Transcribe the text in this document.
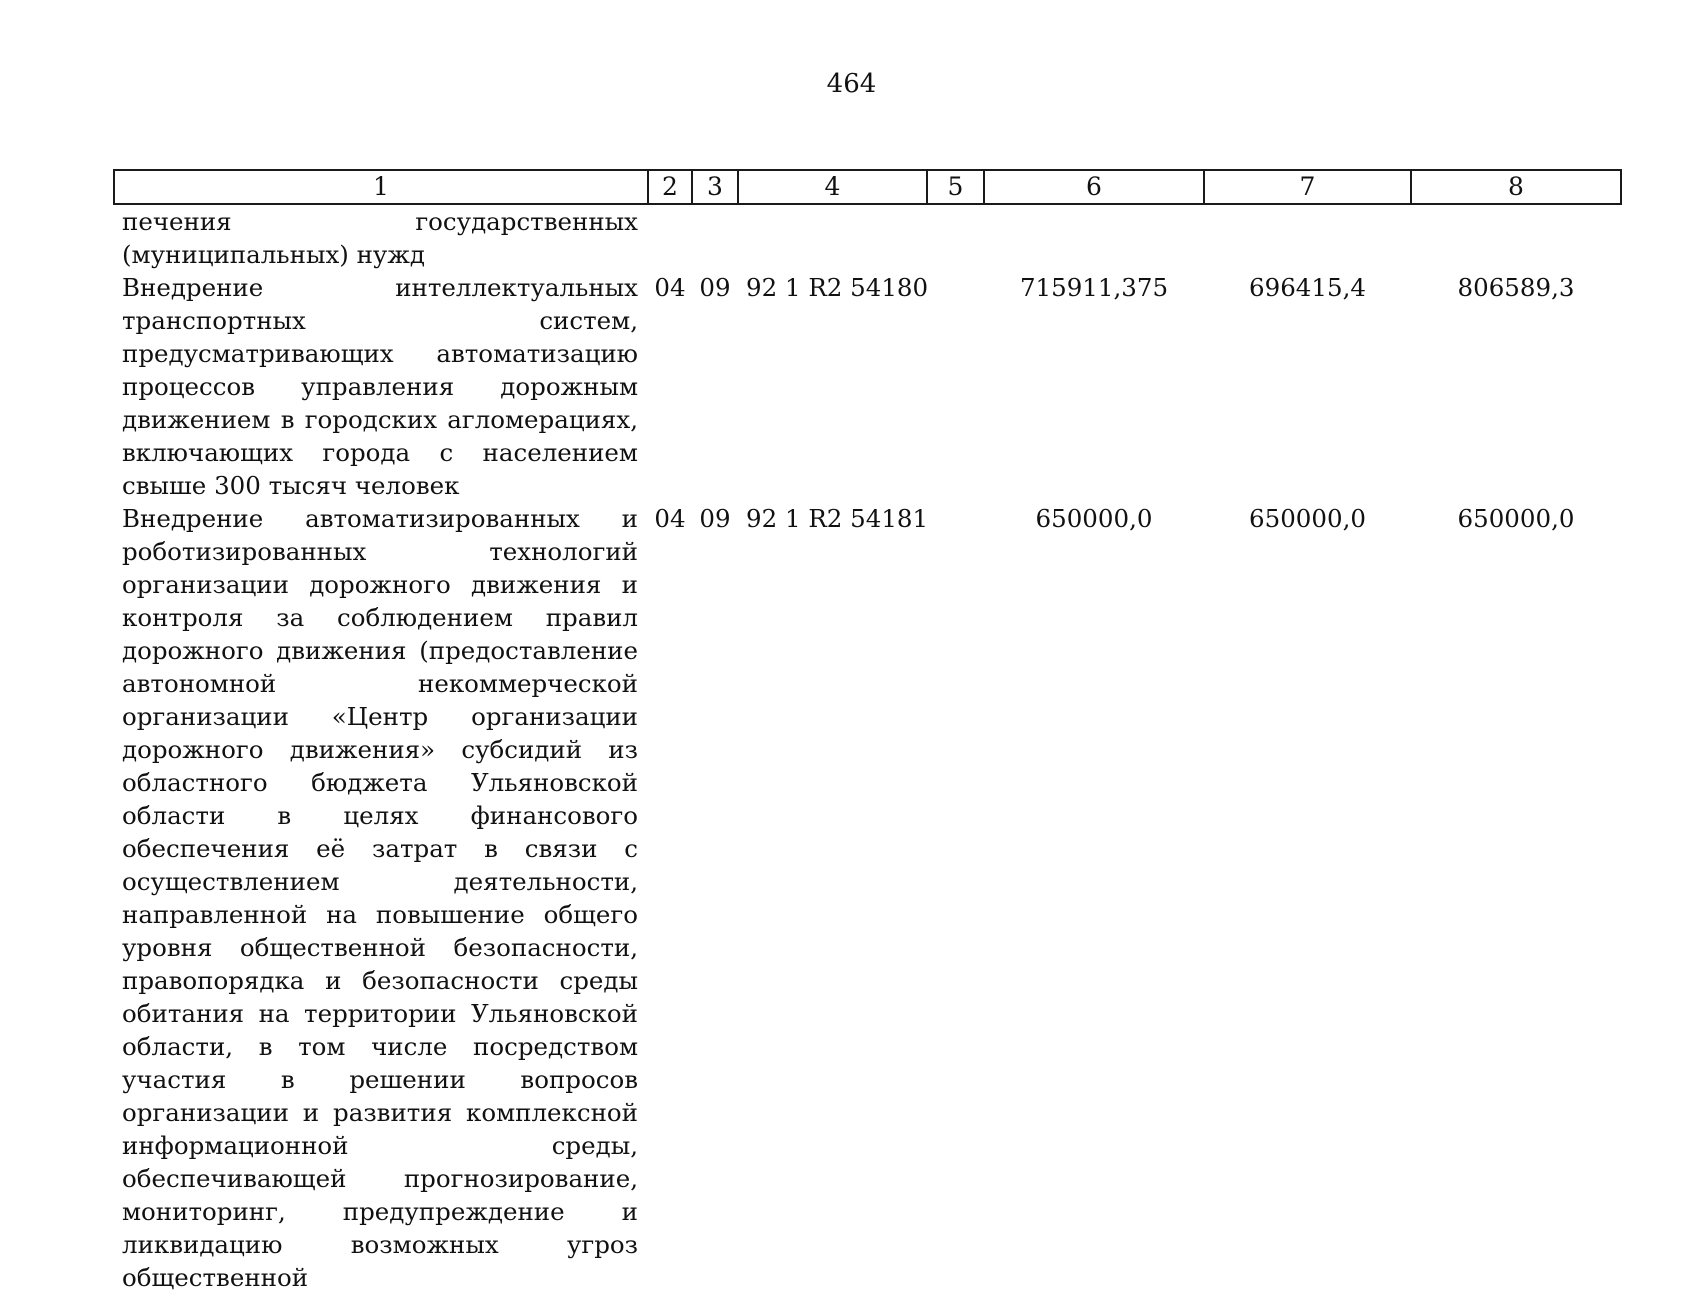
464
1	2	3	4	5	6	7	8
печения государственных (муниципальных) нужд							
Внедрение интеллектуальных транспортных систем, предусматривающих автоматизацию процессов управления дорожным движением в городских агломерациях, включающих города с населением свыше 300 тысяч человек	04	09	92 1 R2 54180		715911,375	696415,4	806589,3
Внедрение автоматизированных и роботизированных технологий организации дорожного движения и контроля за соблюдением правил дорожного движения (предоставление автономной некоммерческой организации «Центр организации дорожного движения» субсидий из областного бюджета Ульяновской области в целях финансового обеспечения её затрат в связи с осуществлением деятельности, направленной на повышение общего уровня общественной безопасности, правопорядка и безопасности среды обитания на территории Ульяновской области, в том числе посредством участия в решении вопросов организации и развития комплексной информационной среды, обеспечивающей прогнозирование, мониторинг, предупреждение и ликвидацию возможных угроз общественной	04	09	92 1 R2 54181		650000,0	650000,0	650000,0
